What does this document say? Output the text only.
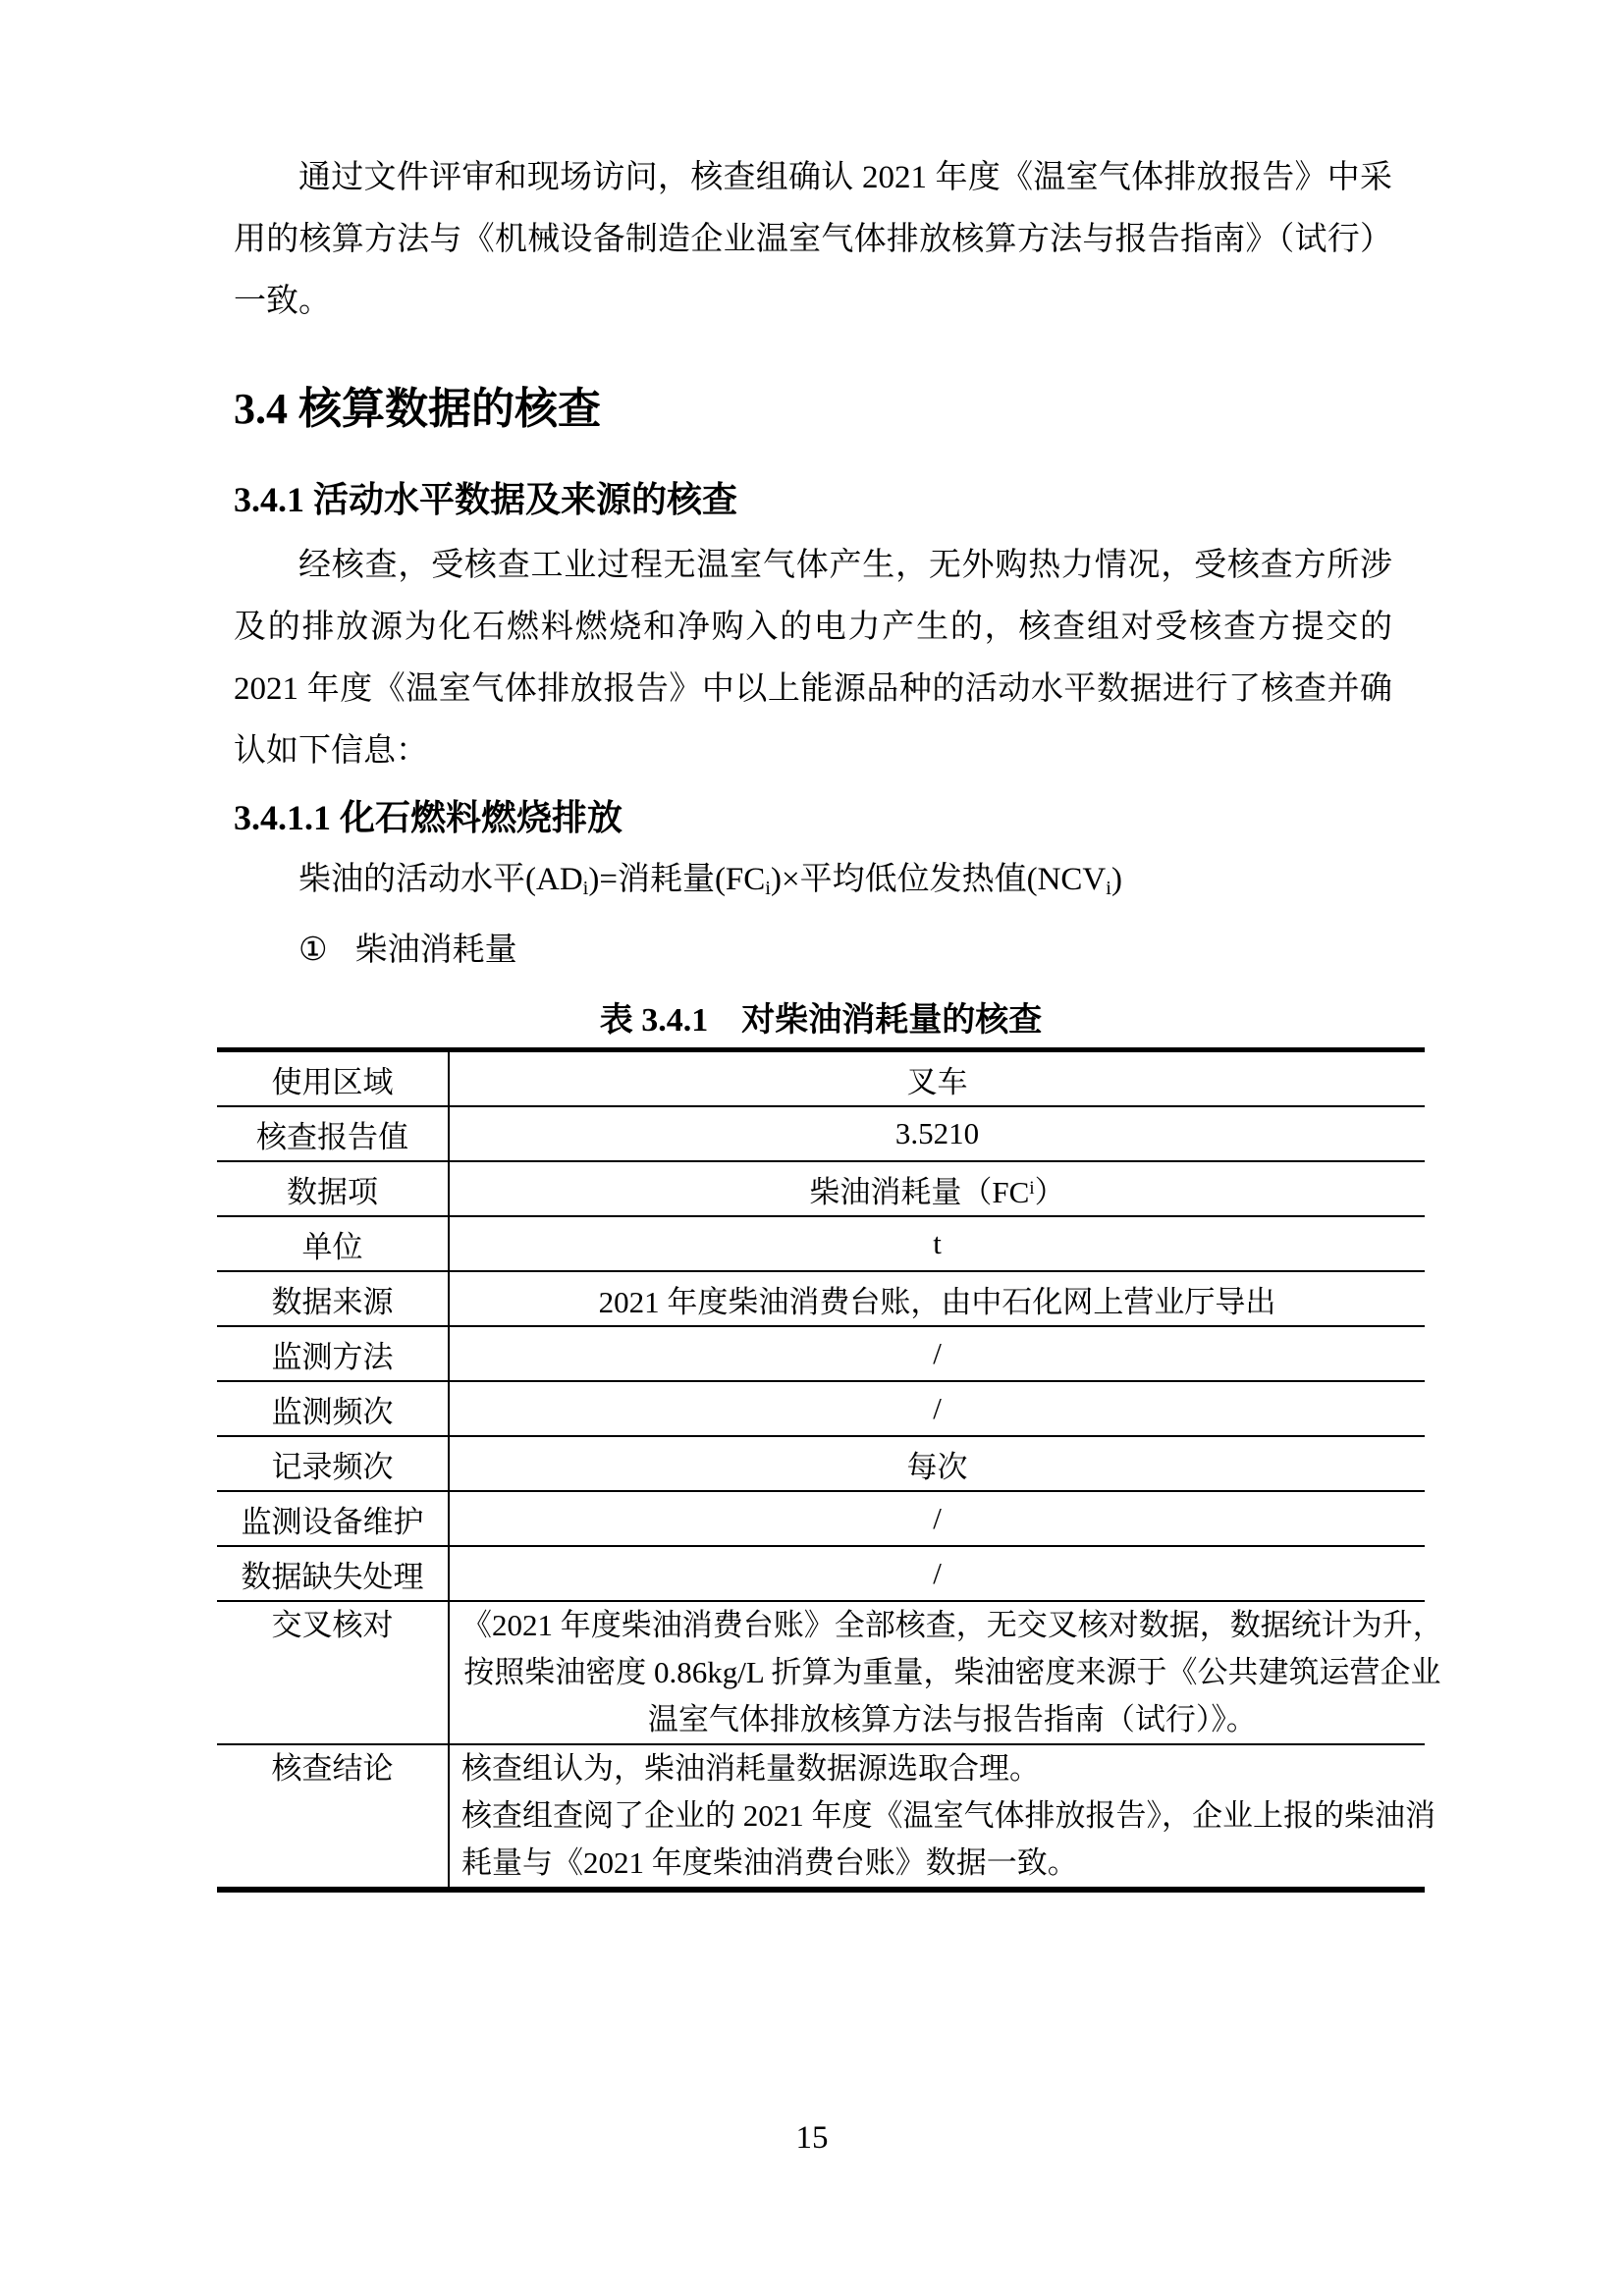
通过文件评审和现场访问，核查组确认 2021 年度《温室气体排放报告》中采
用的核算方法与《机械设备制造企业温室气体排放核算方法与报告指南》（试行）
一致。
3.4 核算数据的核查
3.4.1 活动水平数据及来源的核查
经核查，受核查工业过程无温室气体产生，无外购热力情况，受核查方所涉
及的排放源为化石燃料燃烧和净购入的电力产生的，核查组对受核查方提交的
2021 年度《温室气体排放报告》中以上能源品种的活动水平数据进行了核查并确
认如下信息：
3.4.1.1 化石燃料燃烧排放
柴油的活动水平$(AD_i)=$消耗量$(FC_i)\times$平均低位发热值$(NCV_i)$
① 柴油消耗量
表 3.4.1　对柴油消耗量的核查
使用区域	叉车
核查报告值	3.5210
数据项	柴油消耗量（FC i ）
单位	t
数据来源	2021 年度柴油消费台账，由中石化网上营业厅导出
监测方法	/
监测频次	/
记录频次	每次
监测设备维护	/
数据缺失处理	/
交叉核对	《2021 年度柴油消费台账》全部核查，无交叉核对数据，数据统计为升，
按照柴油密度 0.86kg/L 折算为重量，柴油密度来源于《公共建筑运营企业
温室气体排放核算方法与报告指南（试行）》。
核查结论	核查组认为，柴油消耗量数据源选取合理。
核查组查阅了企业的 2021 年度《温室气体排放报告》，企业上报的柴油消
耗量与《2021 年度柴油消费台账》数据一致。
15
